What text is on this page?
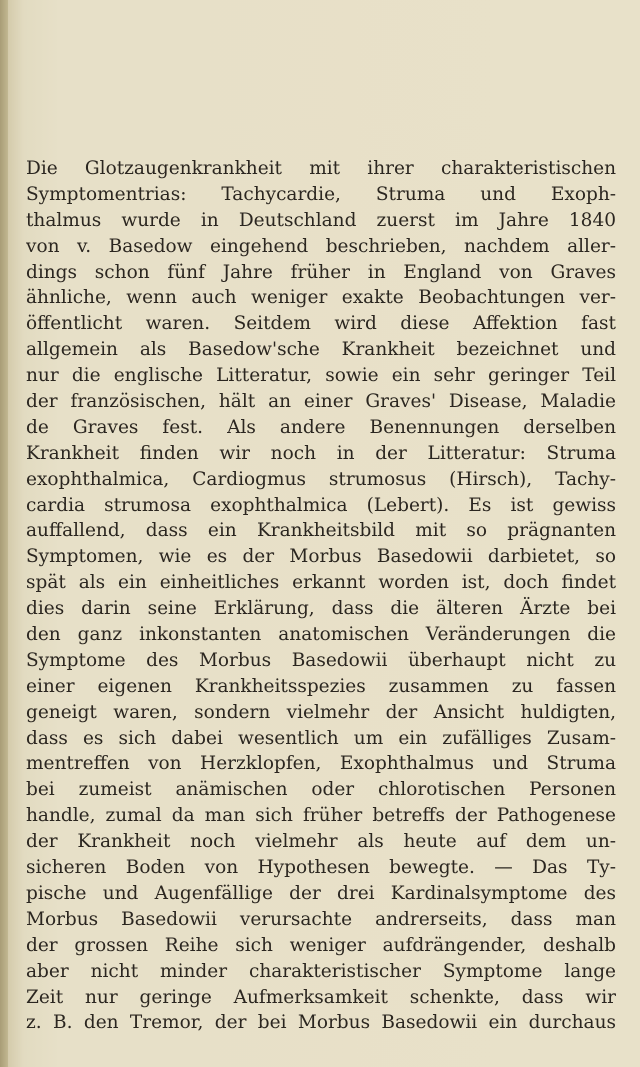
Die Glotzaugenkrankheit mit ihrer charakteristischen
Symptomentrias: Tachycardie, Struma und Exoph-
thalmus wurde in Deutschland zuerst im Jahre 1840
von v. Basedow eingehend beschrieben, nachdem aller-
dings schon fünf Jahre früher in England von Graves
ähnliche, wenn auch weniger exakte Beobachtungen ver-
öffentlicht waren. Seitdem wird diese Affektion fast
allgemein als Basedow'sche Krankheit bezeichnet und
nur die englische Litteratur, sowie ein sehr geringer Teil
der französischen, hält an einer Graves' Disease, Maladie
de Graves fest. Als andere Benennungen derselben
Krankheit finden wir noch in der Litteratur: Struma
exophthalmica, Cardiogmus strumosus (Hirsch), Tachy-
cardia strumosa exophthalmica (Lebert). Es ist gewiss
auffallend, dass ein Krankheitsbild mit so prägnanten
Symptomen, wie es der Morbus Basedowii darbietet, so
spät als ein einheitliches erkannt worden ist, doch findet
dies darin seine Erklärung, dass die älteren Ärzte bei
den ganz inkonstanten anatomischen Veränderungen die
Symptome des Morbus Basedowii überhaupt nicht zu
einer eigenen Krankheitsspezies zusammen zu fassen
geneigt waren, sondern vielmehr der Ansicht huldigten,
dass es sich dabei wesentlich um ein zufälliges Zusam-
mentreffen von Herzklopfen, Exophthalmus und Struma
bei zumeist anämischen oder chlorotischen Personen
handle, zumal da man sich früher betreffs der Pathogenese
der Krankheit noch vielmehr als heute auf dem un-
sicheren Boden von Hypothesen bewegte. — Das Ty-
pische und Augenfällige der drei Kardinalsymptome des
Morbus Basedowii verursachte andrerseits, dass man
der grossen Reihe sich weniger aufdrängender, deshalb
aber nicht minder charakteristischer Symptome lange
Zeit nur geringe Aufmerksamkeit schenkte, dass wir
z. B. den Tremor, der bei Morbus Basedowii ein durchaus
